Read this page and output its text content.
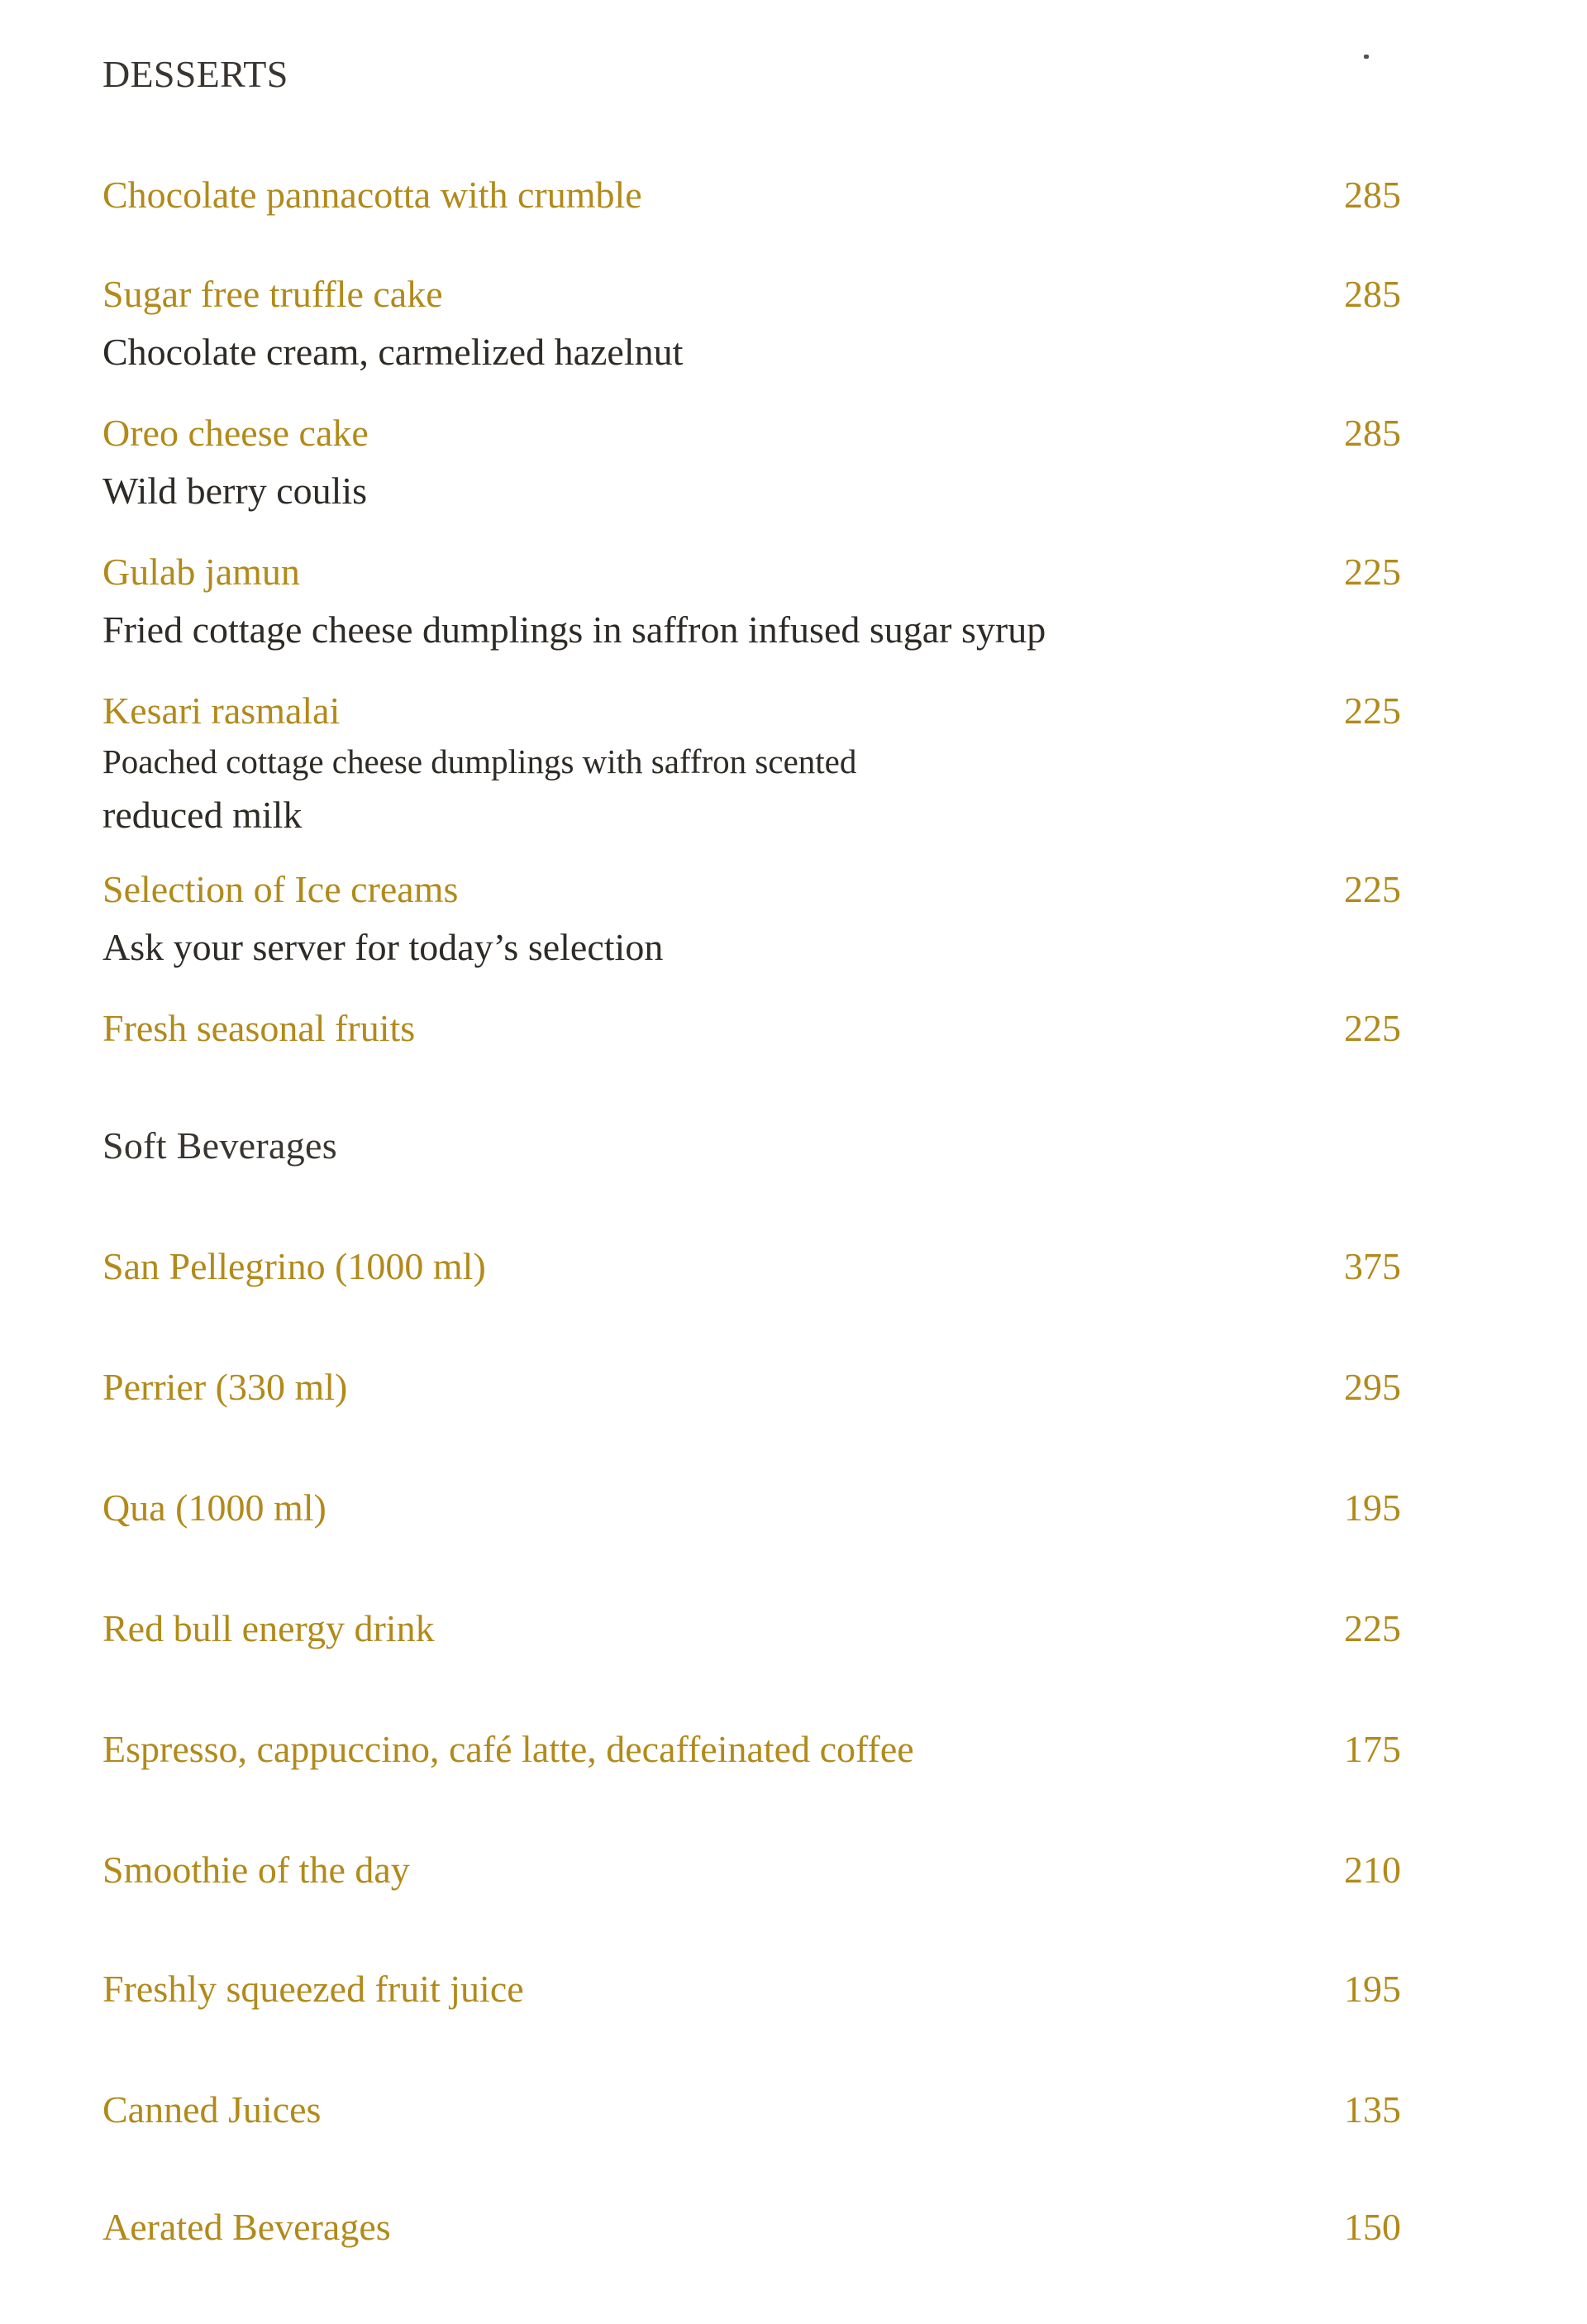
DESSERTS
Chocolate pannacotta with crumble	285
Sugar free truffle cake	285
Chocolate cream, carmelized hazelnut
Oreo cheese cake	285
Wild berry coulis
Gulab jamun	225
Fried cottage cheese dumplings in saffron infused sugar syrup
Kesari rasmalai	225
Poached cottage cheese dumplings with saffron scented
reduced milk
Selection of Ice creams	225
Ask your server for today’s selection
Fresh seasonal fruits	225
Soft Beverages
San Pellegrino (1000 ml)	375
Perrier (330 ml)	295
Qua (1000 ml)	195
Red bull energy drink	225
Espresso, cappuccino, café latte, decaffeinated coffee	175
Smoothie of the day	210
Freshly squeezed fruit juice	195
Canned Juices	135
Aerated Beverages	150
